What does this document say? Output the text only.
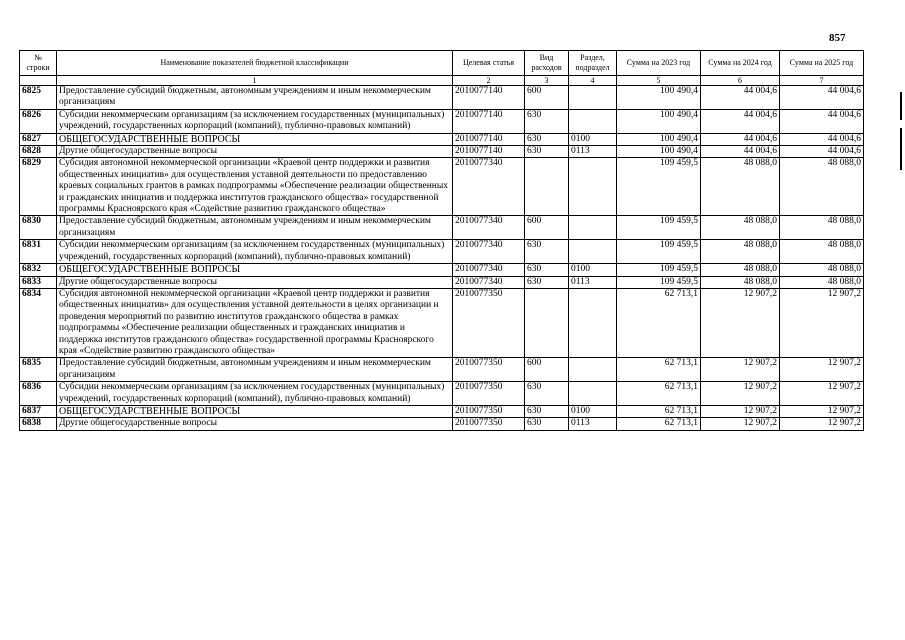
857
№ строки	Наименование показателей бюджетной классификации	Целевая статья	Вид расходов	Раздел, подраздел	Сумма на 2023 год	Сумма на 2024 год	Сумма на 2025 год
	1	2	3	4	5	6	7
6825	Предоставление субсидий бюджетным, автономным учреждениям и иным некоммерческим организациям	2010077140	600		100 490,4	44 004,6	44 004,6
6826	Субсидии некоммерческим организациям (за исключением государственных (муниципальных) учреждений, государственных корпораций (компаний), публично-правовых компаний)	2010077140	630		100 490,4	44 004,6	44 004,6
6827	ОБЩЕГОСУДАРСТВЕННЫЕ ВОПРОСЫ	2010077140	630	0100	100 490,4	44 004,6	44 004,6
6828	Другие общегосударственные вопросы	2010077140	630	0113	100 490,4	44 004,6	44 004,6
6829	Субсидия автономной некоммерческой организации «Краевой центр поддержки и развития общественных инициатив» для осуществления уставной деятельности по предоставлению краевых социальных грантов в рамках подпрограммы «Обеспечение реализации общественных и гражданских инициатив и поддержка институтов гражданского общества» государственной программы Красноярского края «Содействие развитию гражданского общества»	2010077340			109 459,5	48 088,0	48 088,0
6830	Предоставление субсидий бюджетным, автономным учреждениям и иным некоммерческим организациям	2010077340	600		109 459,5	48 088,0	48 088,0
6831	Субсидии некоммерческим организациям (за исключением государственных (муниципальных) учреждений, государственных корпораций (компаний), публично-правовых компаний)	2010077340	630		109 459,5	48 088,0	48 088,0
6832	ОБЩЕГОСУДАРСТВЕННЫЕ ВОПРОСЫ	2010077340	630	0100	109 459,5	48 088,0	48 088,0
6833	Другие общегосударственные вопросы	2010077340	630	0113	109 459,5	48 088,0	48 088,0
6834	Субсидия автономной некоммерческой организации «Краевой центр поддержки и развития общественных инициатив» для осуществления уставной деятельности в целях организации и проведения мероприятий по развитию институтов гражданского общества в рамках подпрограммы «Обеспечение реализации общественных и гражданских инициатив и поддержка институтов гражданского общества» государственной программы Красноярского края «Содействие развитию гражданского общества»	2010077350			62 713,1	12 907,2	12 907,2
6835	Предоставление субсидий бюджетным, автономным учреждениям и иным некоммерческим организациям	2010077350	600		62 713,1	12 907,2	12 907,2
6836	Субсидии некоммерческим организациям (за исключением государственных (муниципальных) учреждений, государственных корпораций (компаний), публично-правовых компаний)	2010077350	630		62 713,1	12 907,2	12 907,2
6837	ОБЩЕГОСУДАРСТВЕННЫЕ ВОПРОСЫ	2010077350	630	0100	62 713,1	12 907,2	12 907,2
6838	Другие общегосударственные вопросы	2010077350	630	0113	62 713,1	12 907,2	12 907,2
